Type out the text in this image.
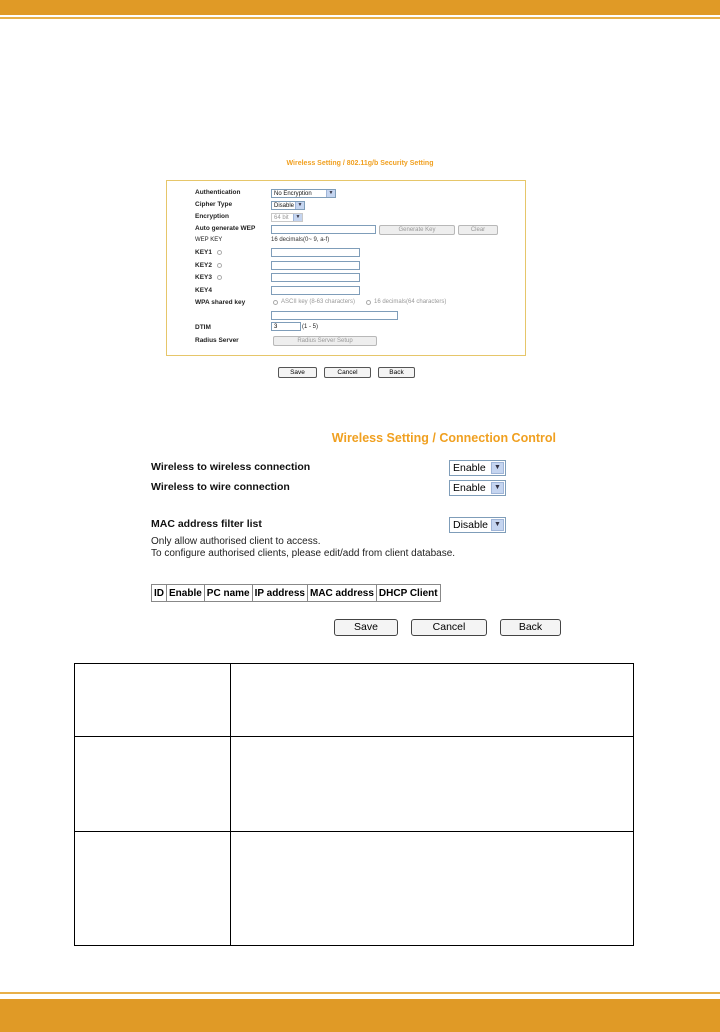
Wireless Setting / 802.11g/b Security Setting
Authentication	No Encryption	▼
Cipher Type	Disable ▼
Encryption	64 bit	▼
Auto generate WEP	Generate Key	Clear
WEP KEY	16 decimals(0~ 9, a-f)
KEY1
KEY2
KEY3
KEY4
WPA shared key	ASCII key (8-63 characters)	16 decimals(64 characters)
DTIM	3	(1 - 5)
Radius Server	Radius Server Setup
Save	Cancel	Back
Wireless Setting / Connection Control
Wireless to wireless connection	Enable	▼
Wireless to wire connection	Enable	▼
MAC address filter list	Disable ▼
Only allow authorised client to access.
To configure authorised clients, please edit/add from client database.
ID	Enable	PC name	IP address	MAC address	DHCP Client
Save	Cancel	Back
